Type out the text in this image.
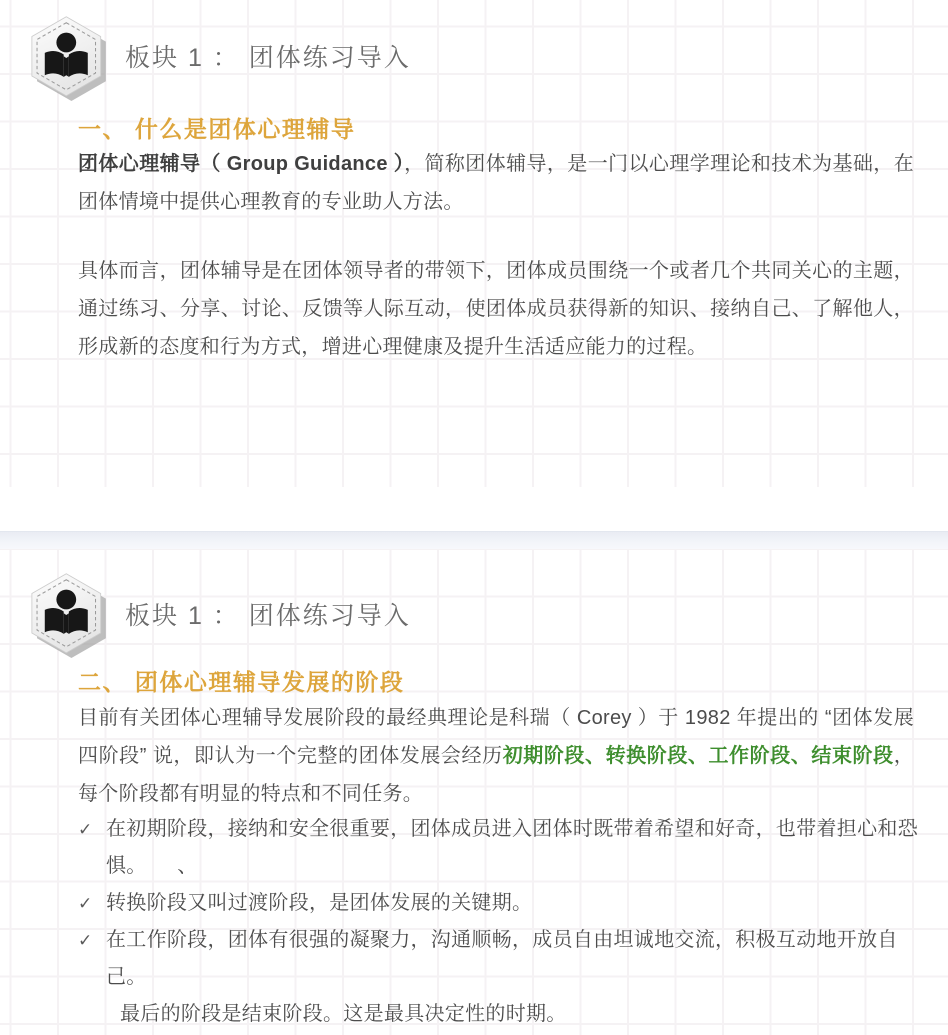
板块 1 ： 团体练习导入
一、 什么是团体心理辅导

团体心理辅导（ Group Guidance ），简称团体辅导，是一门以心理学理论和技术为基础，在团体情境中提供心理教育的专业助人方法。

具体而言，团体辅导是在团体领导者的带领下，团体成员围绕一个或者几个共同关心的主题，通过练习、分享、讨论、反馈等人际互动，使团体成员获得新的知识、接纳自己、了解他人，形成新的态度和行为方式，增进心理健康及提升生活适应能力的过程。

板块 1 ： 团体练习导入
二、 团体心理辅导发展的阶段

目前有关团体心理辅导发展阶段的最经典理论是科瑞（ Corey ）于 1982 年提出的 “团体发展四阶段” 说，即认为一个完整的团体发展会经历初期阶段、转换阶段、工作阶段、结束阶段，每个阶段都有明显的特点和不同任务。

✓ 在初期阶段，接纳和安全很重要，团体成员进入团体时既带着希望和好奇，也带着担心和恐惧。　　、
✓ 转换阶段又叫过渡阶段，是团体发展的关键期。
✓ 在工作阶段，团体有很强的凝聚力，沟通顺畅，成员自由坦诚地交流，积极互动地开放自己。
最后的阶段是结束阶段。这是最具决定性的时期。
